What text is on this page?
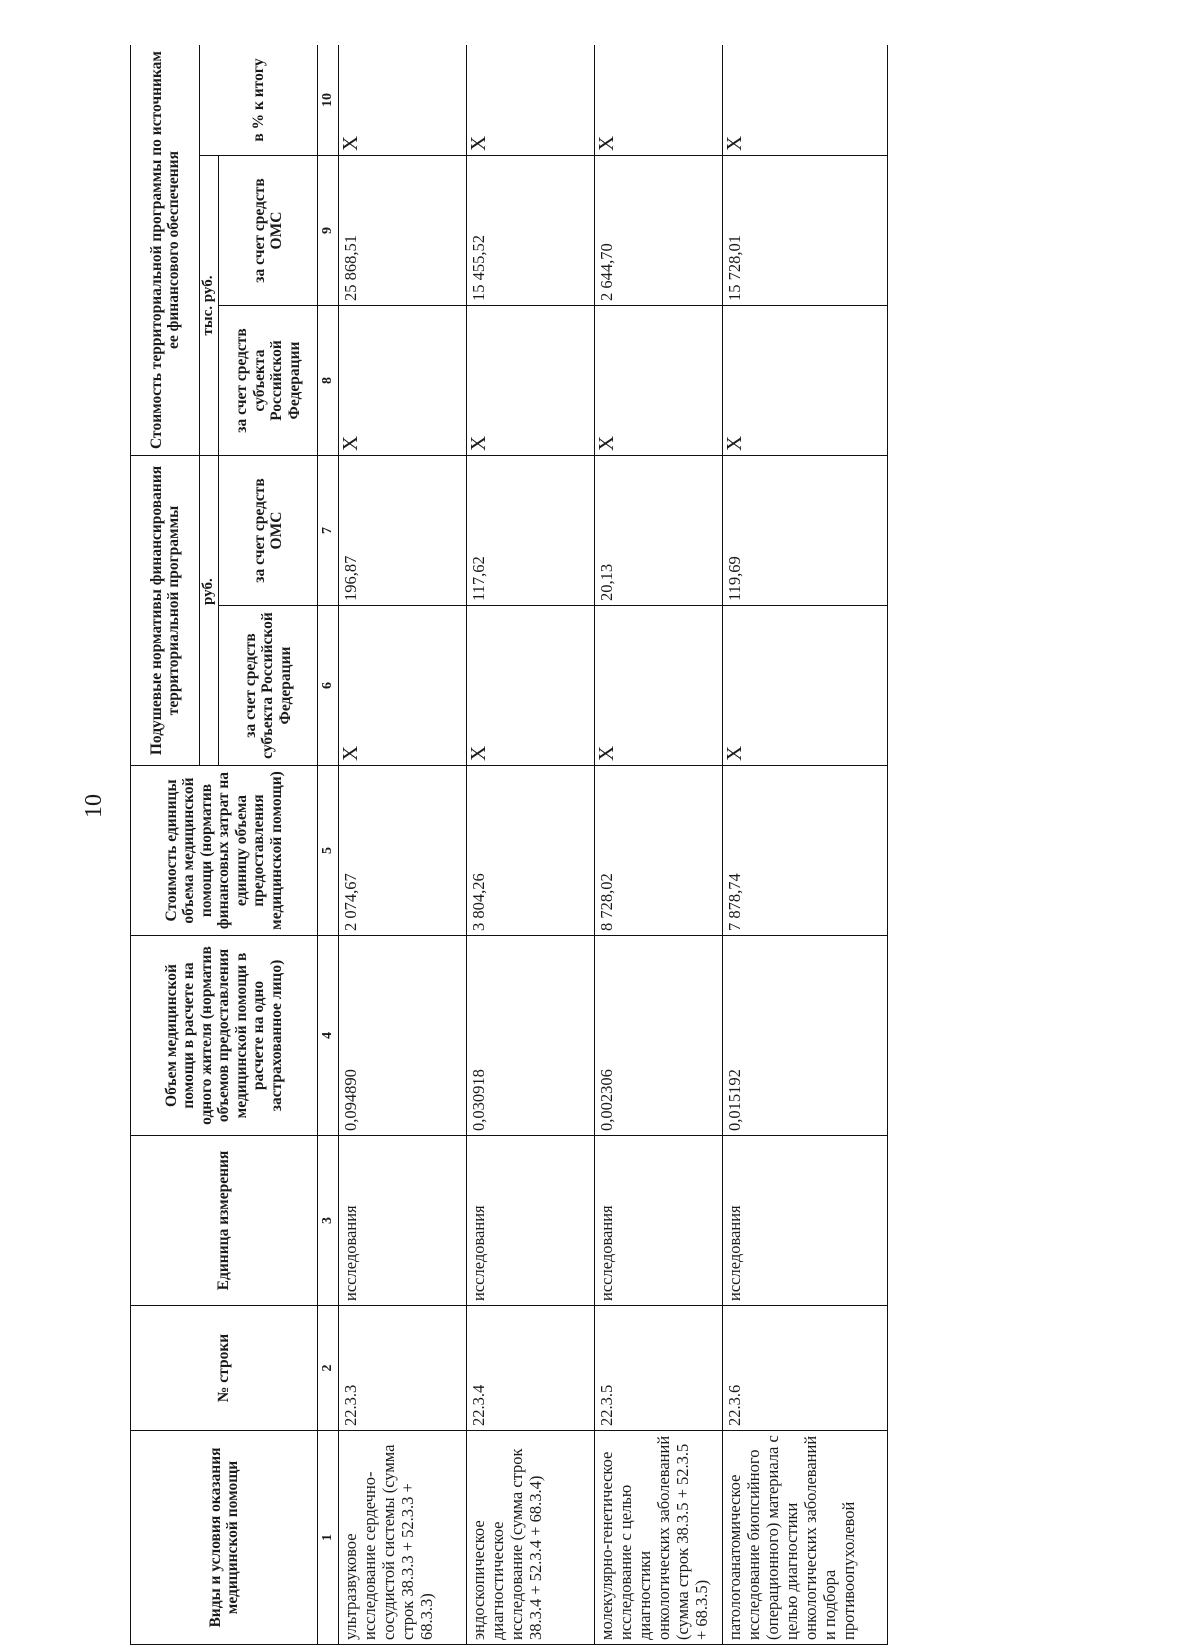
10
Виды и условия оказания медицинской помощи	№ строки	Единица измерения	Объем медицинской помощи в расчете на одного жителя (норматив объемов предоставления медицинской помощи в расчете на одно застрахованное лицо)	Стоимость единицы объема медицинской помощи (норматив финансовых затрат на единицу объема предоставления медицинской помощи)	Подушевые нормативы финансирования территориальной программы		Стоимость территориальной программы по источникам ее финансового обеспечения		
					руб.		тыс. руб.		в % к итогу
					за счет средств субъекта Российской Федерации	за счет средств ОМС	за счет средств субъекта Российской Федерации	за счет средств ОМС	
1	2	3	4	5	6	7	8	9	10

ультразвуковое исследование сердечно-сосудистой системы (сумма строк 38.3.3 + 52.3.3 + 68.3.3)	22.3.3	исследования	0,094890	2 074,67	X	196,87	X	25 868,51	X

эндоскопическое диагностическое исследование (сумма строк 38.3.4 + 52.3.4 + 68.3.4)	22.3.4	исследования	0,030918	3 804,26	X	117,62	X	15 455,52	X

молекулярно-генетическое исследование с целью диагностики онкологических заболеваний (сумма строк 38.3.5 + 52.3.5 + 68.3.5)	22.3.5	исследования	0,002306	8 728,02	X	20,13	X	2 644,70	X

патологоанатомическое исследование биопсийного (операционного) материала с целью диагностики онкологических заболеваний и подбора противоопухолевой	22.3.6	исследования	0,015192	7 878,74	X	119,69	X	15 728,01	X
